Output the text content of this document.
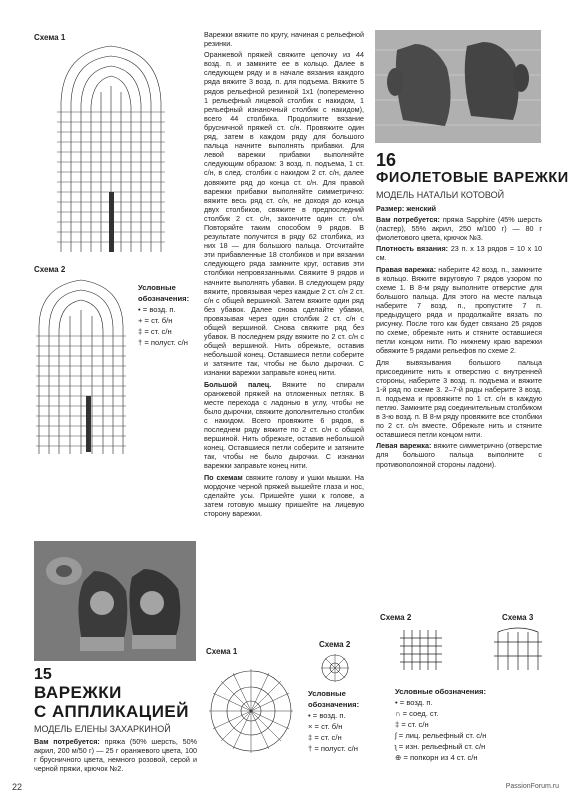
Схема 1
Схема 2
Условные обозначения:
• = возд. п.
+ = ст. б/н
‡ = ст. с/н
† = полуст. с/н
15
ВАРЕЖКИ
С АППЛИКАЦИЕЙ
МОДЕЛЬ ЕЛЕНЫ ЗАХАРКИНОЙ
Вам потребуется: пряжа (50% шерсть, 50% акрил, 200 м/50 г) — 25 г оранжевого цвета, 100 г брусничного цвета, немного розовой, серой и черной пряжи, крючок №2.

Варежки вяжите по кругу, начиная с рельефной резинки.

Оранжевой пряжей свяжите цепочку из 44 возд. п. и замкните ее в кольцо. Далее в следующем ряду и в начале вязания каждого ряда вяжите 3 возд. п. для подъема. Вяжите 5 рядов рельефной резинкой 1х1 (попеременно 1 рельефный лицевой столбик с накидом, 1 рельефный изнаночный столбик с накидом), всего 44 столбика. Продолжите вязание брусничной пряжей ст. с/н. Провяжите один ряд, затем в каждом ряду для большого пальца начните выполнять прибавки. Для левой варежки прибавки выполняйте следующим образом: 3 возд. п. подъема, 1 ст. с/н, в след. столбик с накидом 2 ст. с/н, далее довяжите ряд до конца ст. с/н. Для правой варежки прибавки выполняйте симметрично: вяжите весь ряд ст. с/н, не доходя до конца двух столбиков, свяжите в предпоследний столбик 2 ст. с/н, закончите один ст. с/н. Повторяйте таким способом 9 рядов. В результате получится в ряду 62 столбика, из них 18 — для большого пальца. Отсчитайте эти прибавленные 18 столбиков и при вязании следующего ряда замкните круг, оставив эти столбики непровязанными. Свяжите 9 рядов и начните выполнять убавки. В следующем ряду вяжите, провязывая через каждые 2 ст. с/н 2 ст. с/н с общей вершиной. Затем вяжите один ряд без убавок. Далее снова сделайте убавки, провязывая через один столбик 2 ст. с/н с общей вершиной. Снова свяжите ряд без убавок. В последнем ряду вяжите по 2 ст. с/н с общей вершиной. Нить обрежьте, оставив небольшой конец. Оставшиеся петли соберите и затяните так, чтобы не было дырочки. С изнанки варежки заправьте конец нити.

Большой палец. Вяжите по спирали оранжевой пряжей на отложенных петлях. В месте перехода с ладонью в углу, чтобы не было дырочки, свяжите дополнительно столбик с накидом. Всего провяжите 6 рядов, в последнем ряду вяжите по 2 ст. с/н с общей вершиной. Нить обрежьте, оставив небольшой конец. Оставшиеся петли соберите и затяните так, чтобы не было дырочки. С изнанки варежки заправьте конец нити.

По схемам свяжите голову и ушки мышки. На мордочке черной пряжей вышейте глаза и нос, сделайте усы. Пришейте ушки к голове, а затем готовую мышку пришейте на лицевую сторону варежки.

Схема 1
Схема 2
Условные обозначения:
• = возд. п.
× = ст. б/н
‡ = ст. с/н
† = полуст. с/н
16
ФИОЛЕТОВЫЕ ВАРЕЖКИ
МОДЕЛЬ НАТАЛЬИ КОТОВОЙ

Размер: женский

Вам потребуется: пряжа Sapphire (45% шерсть (ластер), 55% акрил, 250 м/100 г) — 80 г фиолетового цвета, крючок №3.

Плотность вязания: 23 п. х 13 рядов = 10 х 10 см.

Правая варежка: наберите 42 возд. п., замкните в кольцо. Вяжите вкруговую 7 рядов узором по схеме 1. В 8-м ряду выполните отверстие для большого пальца. Для этого на месте пальца наберите 7 возд. п., пропустите 7 п. предыдущего ряда и продолжайте вязать по рисунку. После того как будет связано 25 рядов по схеме, обрежьте нить и стяните оставшиеся петли концом нити. По нижнему краю варежки обвяжите 5 рядами рельефов по схеме 2.

Для вывязывания большого пальца присоедините нить к отверстию с внутренней стороны, наберите 3 возд. п. подъема и вяжите 1-й ряд по схеме 3. 2–7-й ряды наберите 3 возд. п. подъема и провяжите по 1 ст. с/н в каждую петлю. Замкните ряд соединительным столбиком в 3-ю возд. п. В 8-м ряду провяжите все столбики по 2 ст. с/н вместе. Обрежьте нить и стяните оставшиеся петли концом нити.

Левая варежка: вяжите симметрично (отверстие для большого пальца выполните с противоположной стороны ладони).

Схема 2	Схема 3
Условные обозначения:
• = возд. п.
∩ = соед. ст.
‡ = ст. с/н
ʃ = лиц. рельефный ст. с/н
ʅ = изн. рельефный ст. с/н
⊕ = попкорн из 4 ст. с/н
22	PassionForum.ru
